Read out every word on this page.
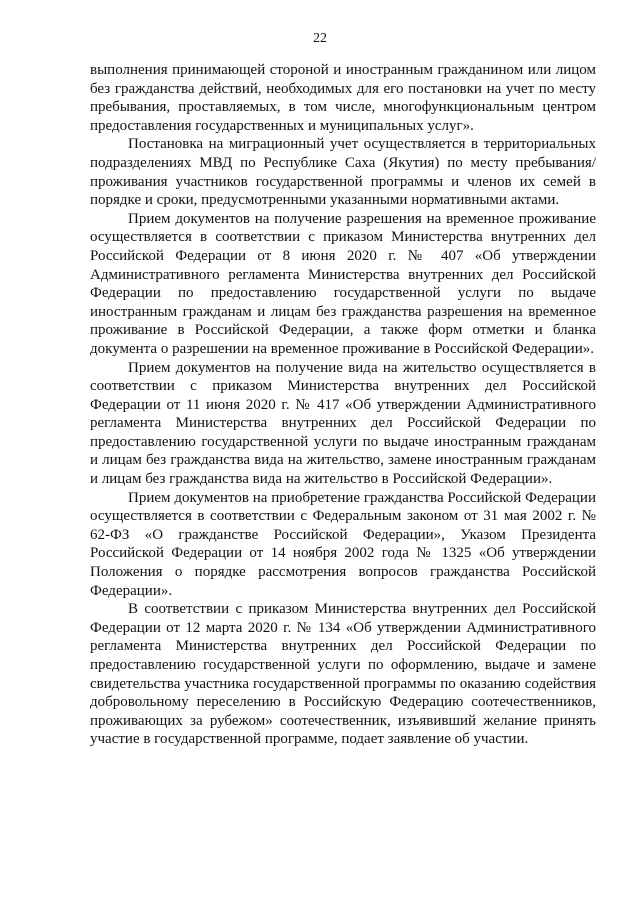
22

выполнения принимающей стороной и иностранным гражданином или лицом без гражданства действий, необходимых для его постановки на учет по месту пребывания, проставляемых, в том числе, многофункциональным центром предоставления государственных и муниципальных услуг».

Постановка на миграционный учет осуществляется в территориальных подразделениях МВД по Республике Саха (Якутия) по месту пребывания/проживания участников государственной программы и членов их семей в порядке и сроки, предусмотренными указанными нормативными актами.

Прием документов на получение разрешения на временное проживание осуществляется в соответствии с приказом Министерства внутренних дел Российской Федерации от 8 июня 2020 г. № 407 «Об утверждении Административного регламента Министерства внутренних дел Российской Федерации по предоставлению государственной услуги по выдаче иностранным гражданам и лицам без гражданства разрешения на временное проживание в Российской Федерации, а также форм отметки и бланка документа о разрешении на временное проживание в Российской Федерации».

Прием документов на получение вида на жительство осуществляется в соответствии с приказом Министерства внутренних дел Российской Федерации от 11 июня 2020 г. № 417 «Об утверждении Административного регламента Министерства внутренних дел Российской Федерации по предоставлению государственной услуги по выдаче иностранным гражданам и лицам без гражданства вида на жительство, замене иностранным гражданам и лицам без гражданства вида на жительство в Российской Федерации».

Прием документов на приобретение гражданства Российской Федерации осуществляется в соответствии с Федеральным законом от 31 мая 2002 г. № 62-ФЗ «О гражданстве Российской Федерации», Указом Президента Российской Федерации от 14 ноября 2002 года № 1325 «Об утверждении Положения о порядке рассмотрения вопросов гражданства Российской Федерации».

В соответствии с приказом Министерства внутренних дел Российской Федерации от 12 марта 2020 г. № 134 «Об утверждении Административного регламента Министерства внутренних дел Российской Федерации по предоставлению государственной услуги по оформлению, выдаче и замене свидетельства участника государственной программы по оказанию содействия добровольному переселению в Российскую Федерацию соотечественников, проживающих за рубежом» соотечественник, изъявивший желание принять участие в государственной программе, подает заявление об участии.
